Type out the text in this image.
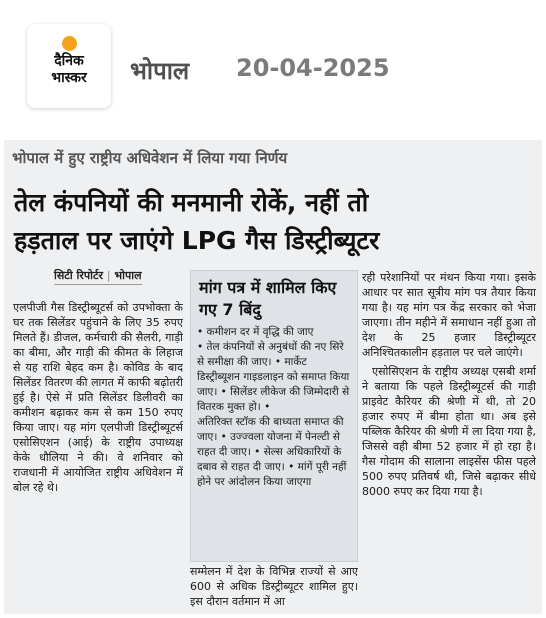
दैनिक
भास्कर	भोपाल 20-04-2025
भोपाल में हुए राष्ट्रीय अधिवेशन में लिया गया निर्णय
तेल कंपनियों की मनमानी रोकें, नहीं तो
हड़ताल पर जाएंगे LPG गैस डिस्ट्रीब्यूटर
सिटी रिपोर्टर | भोपाल

एलपीजी गैस डिस्ट्रीब्यूटर्स को उपभोक्ता के घर तक सिलेंडर पहुंचाने के लिए 35 रुपए मिलते हैं। डीजल, कर्मचारी की सैलरी, गाड़ी का बीमा, और गाड़ी की कीमत के लिहाज से यह राशि बेहद कम है। कोविड के बाद सिलेंडर वितरण की लागत में काफी बढ़ोतरी हुई है। ऐसे में प्रति सिलेंडर डिलीवरी का कमीशन बढ़ाकर कम से कम 150 रुपए किया जाए। यह मांग एलपीजी डिस्ट्रीब्यूटर्स एसोसिएशन (आई) के राष्ट्रीय उपाध्यक्ष केके धौलिया ने की। वे शनिवार को राजधानी में आयोजित राष्ट्रीय अधिवेशन में बोल रहे थे।

मांग पत्र में शामिल किए गए 7 बिंदु
• कमीशन दर में वृद्धि की जाए
• तेल कंपनियों से अनुबंधों की नए सिरे से समीक्षा की जाए। • मार्केट डिस्ट्रीब्यूशन गाइडलाइन को समाप्त किया जाए। • सिलेंडर लीकेज की जिम्मेदारी से वितरक मुक्त हो। •
अतिरिक्त स्टॉक की बाध्यता समाप्त की जाए। • उज्ज्वला योजना में पेनल्टी से राहत दी जाए। • सेल्स अधिकारियों के दबाव से राहत दी जाए। • मांगें पूरी नहीं होने पर आंदोलन किया जाएगा
सम्मेलन में देश के विभिन्न राज्यों से आए 600 से अधिक डिस्ट्रीब्यूटर शामिल हुए। इस दौरान वर्तमान में आ

रही परेशानियों पर मंथन किया गया। इसके आधार पर सात सूत्रीय मांग पत्र तैयार किया गया है। यह मांग पत्र केंद्र सरकार को भेजा जाएगा। तीन महीने में समाधान नहीं हुआ तो देश के 25 हजार डिस्ट्रीब्यूटर अनिश्चितकालीन हड़ताल पर चले जाएंगे।

एसोसिएशन के राष्ट्रीय अध्यक्ष एसबी शर्मा ने बताया कि पहले डिस्ट्रीब्यूटर्स की गाड़ी प्राइवेट कैरियर की श्रेणी में थी, तो 20 हजार रुपए में बीमा होता था। अब इसे पब्लिक कैरियर की श्रेणी में ला दिया गया है, जिससे वही बीमा 52 हजार में हो रहा है। गैस गोदाम की सालाना लाइसेंस फीस पहले 500 रुपए प्रतिवर्ष थी, जिसे बढ़ाकर सीधे 8000 रुपए कर दिया गया है।
